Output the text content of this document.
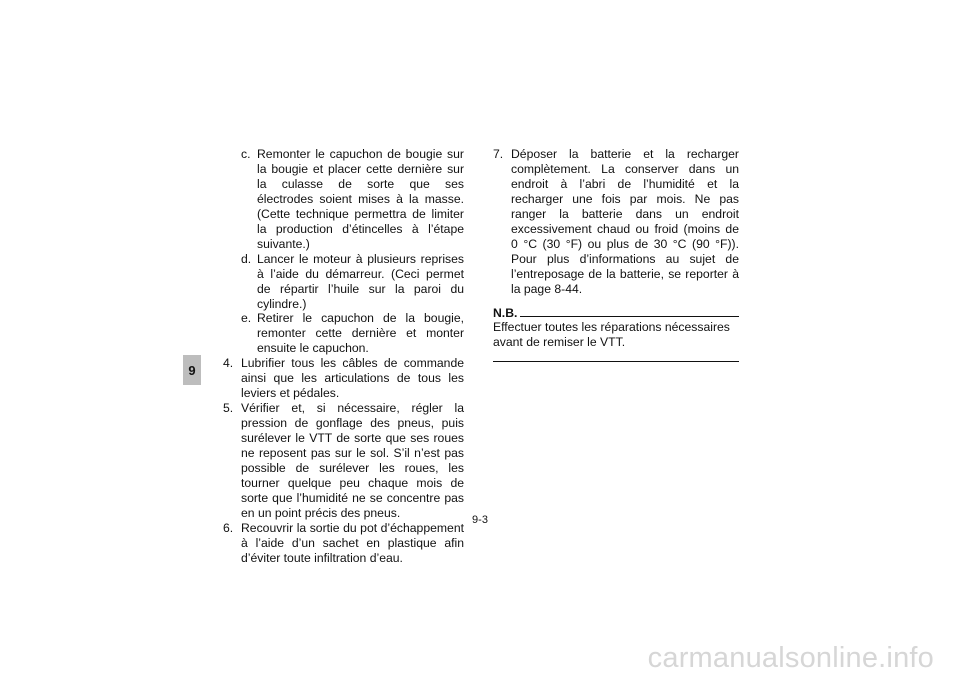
9
c. Remonter le capuchon de bougie sur la bougie et placer cette dernière sur la culasse de sorte que ses électrodes soient mises à la masse. (Cette technique permettra de limiter la production d’étincelles à l’étape suivante.)
d. Lancer le moteur à plusieurs reprises à l’aide du démarreur. (Ceci permet de répartir l’huile sur la paroi du cylindre.)
e. Retirer le capuchon de la bougie, remonter cette dernière et monter ensuite le capuchon.
4. Lubrifier tous les câbles de commande ainsi que les articulations de tous les leviers et pédales.
5. Vérifier et, si nécessaire, régler la pression de gonflage des pneus, puis surélever le VTT de sorte que ses roues ne reposent pas sur le sol. S’il n’est pas possible de surélever les roues, les tourner quelque peu chaque mois de sorte que l’humidité ne se concentre pas en un point précis des pneus.
6. Recouvrir la sortie du pot d’échappement à l’aide d’un sachet en plastique afin d’éviter toute infiltration d’eau.
7. Déposer la batterie et la recharger complètement. La conserver dans un endroit à l’abri de l’humidité et la recharger une fois par mois. Ne pas ranger la batterie dans un endroit excessivement chaud ou froid (moins de 0 °C (30 °F) ou plus de 30 °C (90 °F)). Pour plus d’informations au sujet de l’entreposage de la batterie, se reporter à la page 8-44.
N.B.
Effectuer toutes les réparations nécessaires avant de remiser le VTT.
9-3
carmanualsonline.info
